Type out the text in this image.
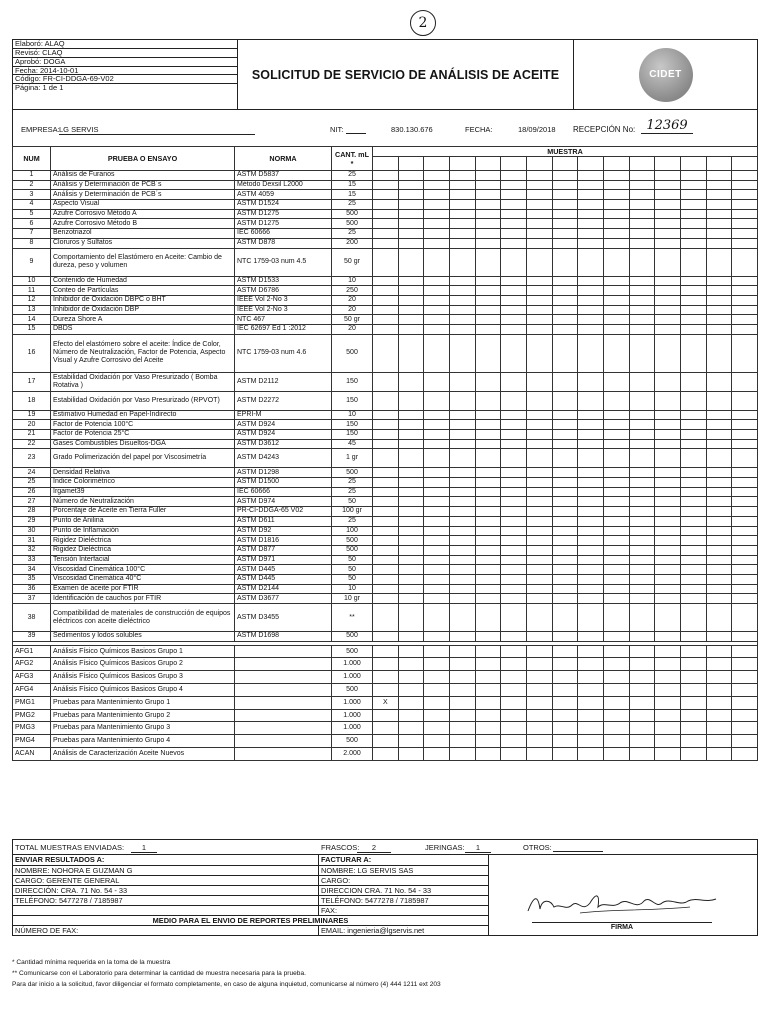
2
Elaboró: ALAQ
Revisó: CLAQ
Aprobó: DOGA
Fecha: 2014-10-01
Código: FR-CI-DDGA-69-V02
Página: 1 de 1
SOLICITUD DE SERVICIO DE ANÁLISIS DE ACEITE	CIDET
EMPRESA: LG SERVIS	NIT:	830.130.676	FECHA:	18/09/2018 RECEPCIÓN No: 12369
NUM	PRUEBA O ENSAYO	NORMA	CANT. mL *	MUESTRA														

1	Análisis de Furanos	ASTM D5837	25															
2	Análisis y Determinación de PCB´s	Método Dexsil L2000	15															
3	Análisis y Determinación de PCB´s	ASTM 4059	15															
4	Aspecto Visual	ASTM D1524	25															
5	Azufre Corrosivo Método A	ASTM D1275	500															
6	Azufre Corrosivo Método B	ASTM D1275	500															
7	Benzotriazol	IEC 60666	25															
8	Cloruros y Sulfatos	ASTM D878	200															
9	Comportamiento del Elastómero en Aceite: Cambio de dureza, peso y volumen	NTC 1759-03 num 4.5	50 gr															
10	Contenido de Humedad	ASTM D1533	10															
11	Conteo de Partículas	ASTM D6786	250															
12	Inhibidor de Oxidación DBPC o BHT	IEEE Vol 2-No 3	20															
13	Inhibidor de Oxidación DBP	IEEE Vol 2-No 3	20															
14	Dureza Shore A	NTC 467	50 gr															
15	DBDS	IEC 62697 Ed 1 :2012	20															
16	Efecto del elastómero sobre el aceite: Índice de Color, Número de Neutralización, Factor de Potencia, Aspecto Visual y Azufre Corrosivo del Aceite	NTC 1759-03 num 4.6	500															
17	Estabilidad Oxidación por Vaso Presurizado ( Bomba Rotativa )	ASTM D2112	150															
18	Estabilidad Oxidación por Vaso Presurizado (RPVOT)	ASTM D2272	150															
19	Estimativo Humedad en Papel-Indirecto	EPRI-M	10															
20	Factor de Potencia 100°C	ASTM D924	150															
21	Factor de Potencia 25°C	ASTM D924	150															
22	Gases Combustibles Disueltos-DGA	ASTM D3612	45															
23	Grado Polimerización del papel por Viscosimetría	ASTM D4243	1 gr															
24	Densidad Relativa	ASTM D1298	500															
25	Índice Colorimétrico	ASTM D1500	25															
26	Irgamet39	IEC 60666	25															
27	Número de Neutralización	ASTM D974	50															
28	Porcentaje de Aceite en Tierra Fuller	PR-CI-DDGA-65 V02	100 gr															
29	Punto de Anilina	ASTM D611	25															
30	Punto de Inflamación	ASTM D92	100															
31	Rigidez Dieléctrica	ASTM D1816	500															
32	Rigidez Dieléctrica	ASTM D877	500															
33	Tensión Interfacial	ASTM D971	50															
34	Viscosidad Cinemática 100°C	ASTM D445	50															
35	Viscosidad Cinemática 40°C	ASTM D445	50															
36	Examen de aceite por FTIR	ASTM D2144	10															
37	Identificación de cauchos por FTIR	ASTM D3677	10 gr															
38	Compatibilidad de materiales de construcción de equipos eléctricos con aceite dieléctrico	ASTM D3455	**															
39	Sedimentos y lodos solubles	ASTM D1698	500															

AFG1	Análisis Físico Químicos Basicos Grupo 1		500															
AFG2	Análisis Físico Químicos Basicos Grupo 2		1.000															
AFG3	Análisis Físico Químicos Basicos Grupo 3		1.000															
AFG4	Análisis Físico Químicos Basicos Grupo 4		500															
PMG1	Pruebas para Mantenimiento Grupo 1		1.000	X														
PMG2	Pruebas para Mantenimiento Grupo 2		1.000															
PMG3	Pruebas para Mantenimiento Grupo 3		1.000															
PMG4	Pruebas para Mantenimiento Grupo 4		500															
ACAN	Análisis de Caracterización Aceite Nuevos		2.000															
TOTAL MUESTRAS ENVIADAS:	1	FRASCOS:	2	JERINGAS:	1	OTROS:
ENVIAR RESULTADOS A:	FACTURAR A:	
NOMBRE: NOHORA E GUZMAN G	NOMBRE: LG SERVIS SAS	
CARGO: GERENTE GENERAL	CARGO:	
DIRECCIÓN: CRA. 71 No. 54 - 33	DIRECCION CRA. 71 No. 54 - 33	
TELÉFONO: 5477278 / 7185987	TELÉFONO: 5477278 / 7185987	
	FAX:	
MEDIO PARA EL ENVIO DE REPORTES PRELIMINARES		
NÚMERO DE FAX:	EMAIL: ingenieria@lgservis.net		FIRMA
* Cantidad mínima requerida en la toma de la muestra
** Comunicarse con el Laboratorio para determinar la cantidad de muestra necesaria para la prueba.
Para dar inicio a la solicitud, favor diligenciar el formato completamente, en caso de alguna inquietud, comunicarse al número (4) 444 1211 ext 203
